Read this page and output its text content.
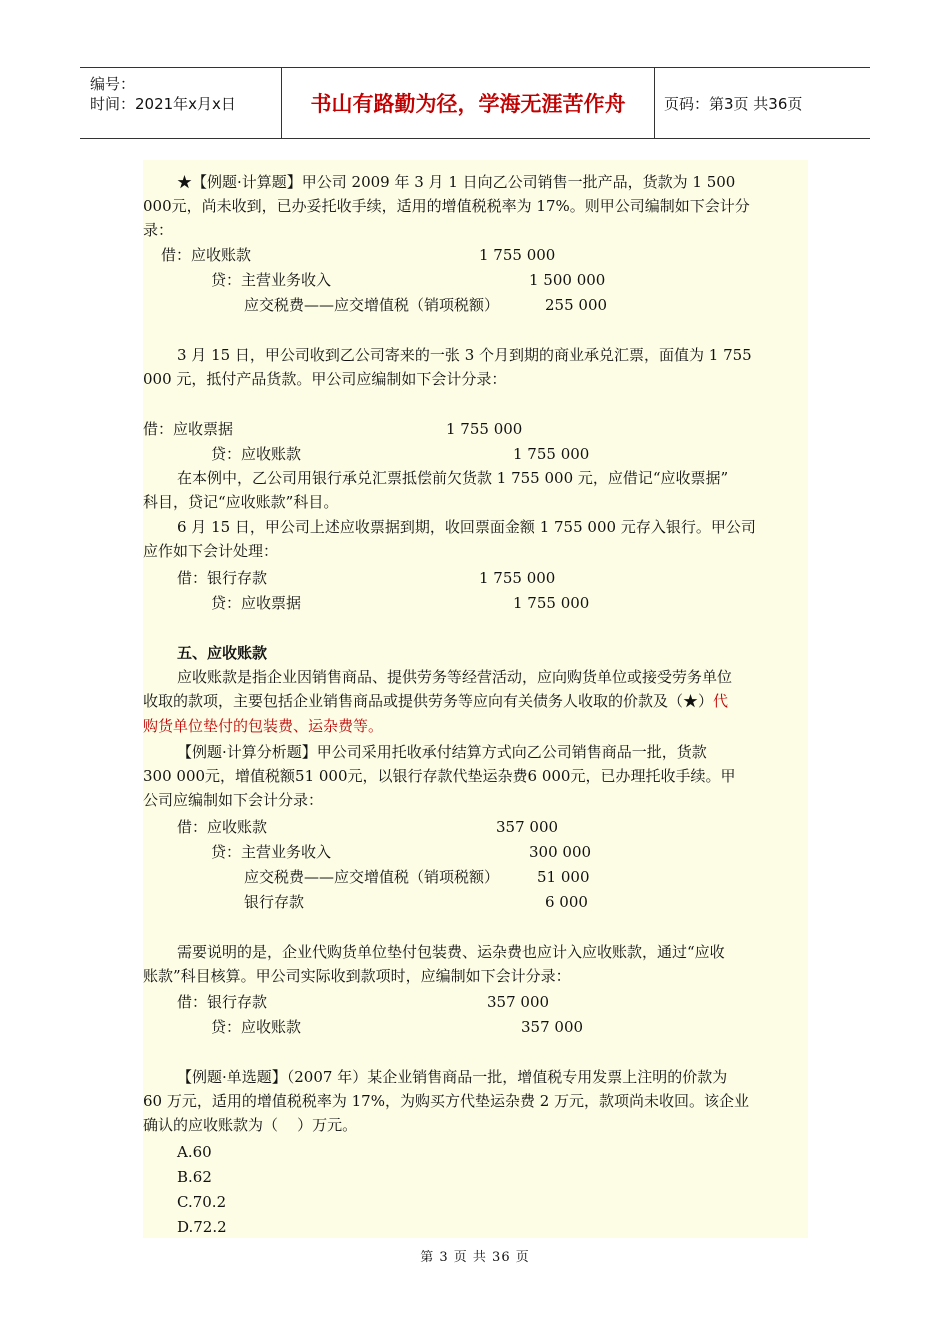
编号：
时间：2021年x月x日	书山有路勤为径，学海无涯苦作舟	页码：第3页 共36页
★【例题·计算题】甲公司 2009 年 3 月 1 日向乙公司销售一批产品，货款为 1 500
000元，尚未收到，已办妥托收手续，适用的增值税税率为 17%。则甲公司编制如下会计分
录：
借：应收账款	1 755 000
贷：主营业务收入	1 500 000
应交税费——应交增值税（销项税额）	255 000
3 月 15 日，甲公司收到乙公司寄来的一张 3 个月到期的商业承兑汇票，面值为 1 755
000 元，抵付产品货款。甲公司应编制如下会计分录：
借：应收票据	1 755 000
贷：应收账款	1 755 000
在本例中，乙公司用银行承兑汇票抵偿前欠货款 1 755 000 元，应借记“应收票据”
科目，贷记“应收账款”科目。
6 月 15 日，甲公司上述应收票据到期，收回票面金额 1 755 000 元存入银行。甲公司
应作如下会计处理：
借：银行存款	1 755 000
贷：应收票据	1 755 000
五、应收账款
应收账款是指企业因销售商品、提供劳务等经营活动，应向购货单位或接受劳务单位
收取的款项，主要包括企业销售商品或提供劳务等应向有关债务人收取的价款及（★）代
购货单位垫付的包装费、运杂费等。
【例题·计算分析题】甲公司采用托收承付结算方式向乙公司销售商品一批，货款
300 000元，增值税额51 000元，以银行存款代垫运杂费6 000元，已办理托收手续。甲
公司应编制如下会计分录：
借：应收账款	357 000
贷：主营业务收入	300 000
应交税费——应交增值税（销项税额）	51 000
银行存款	6 000
需要说明的是，企业代购货单位垫付包装费、运杂费也应计入应收账款，通过“应收
账款”科目核算。甲公司实际收到款项时，应编制如下会计分录：
借：银行存款	357 000
贷：应收账款	357 000
【例题·单选题】（2007 年）某企业销售商品一批，增值税专用发票上注明的价款为
60 万元，适用的增值税税率为 17%，为购买方代垫运杂费 2 万元，款项尚未收回。该企业
确认的应收账款为（    ）万元。
A.60
B.62
C.70.2
D.72.2
第 3 页 共 36 页
